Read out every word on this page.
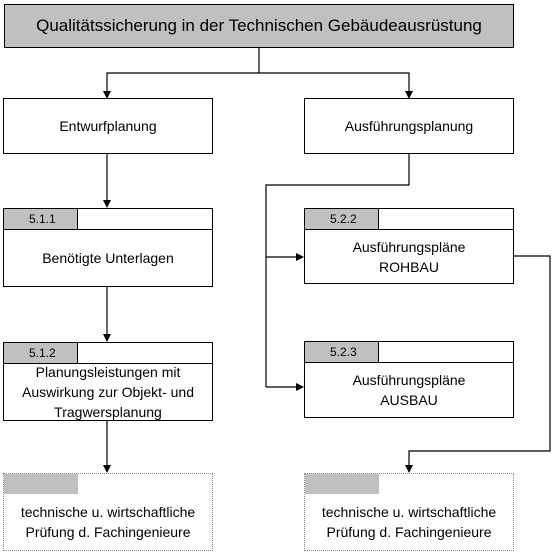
Qualitätssicherung in der Technischen Gebäudeausrüstung
Entwurfplanung	Ausführungsplanung
5.1.1
Benötigte Unterlagen
5.1.2
Planungsleistungen mit
Auswirkung zur Objekt- und
Tragwersplanung
5.2.2
Ausführungspläne
ROHBAU
5.2.3
Ausführungspläne
AUSBAU
technische u. wirtschaftliche
Prüfung d. Fachingenieure
technische u. wirtschaftliche
Prüfung d. Fachingenieure
